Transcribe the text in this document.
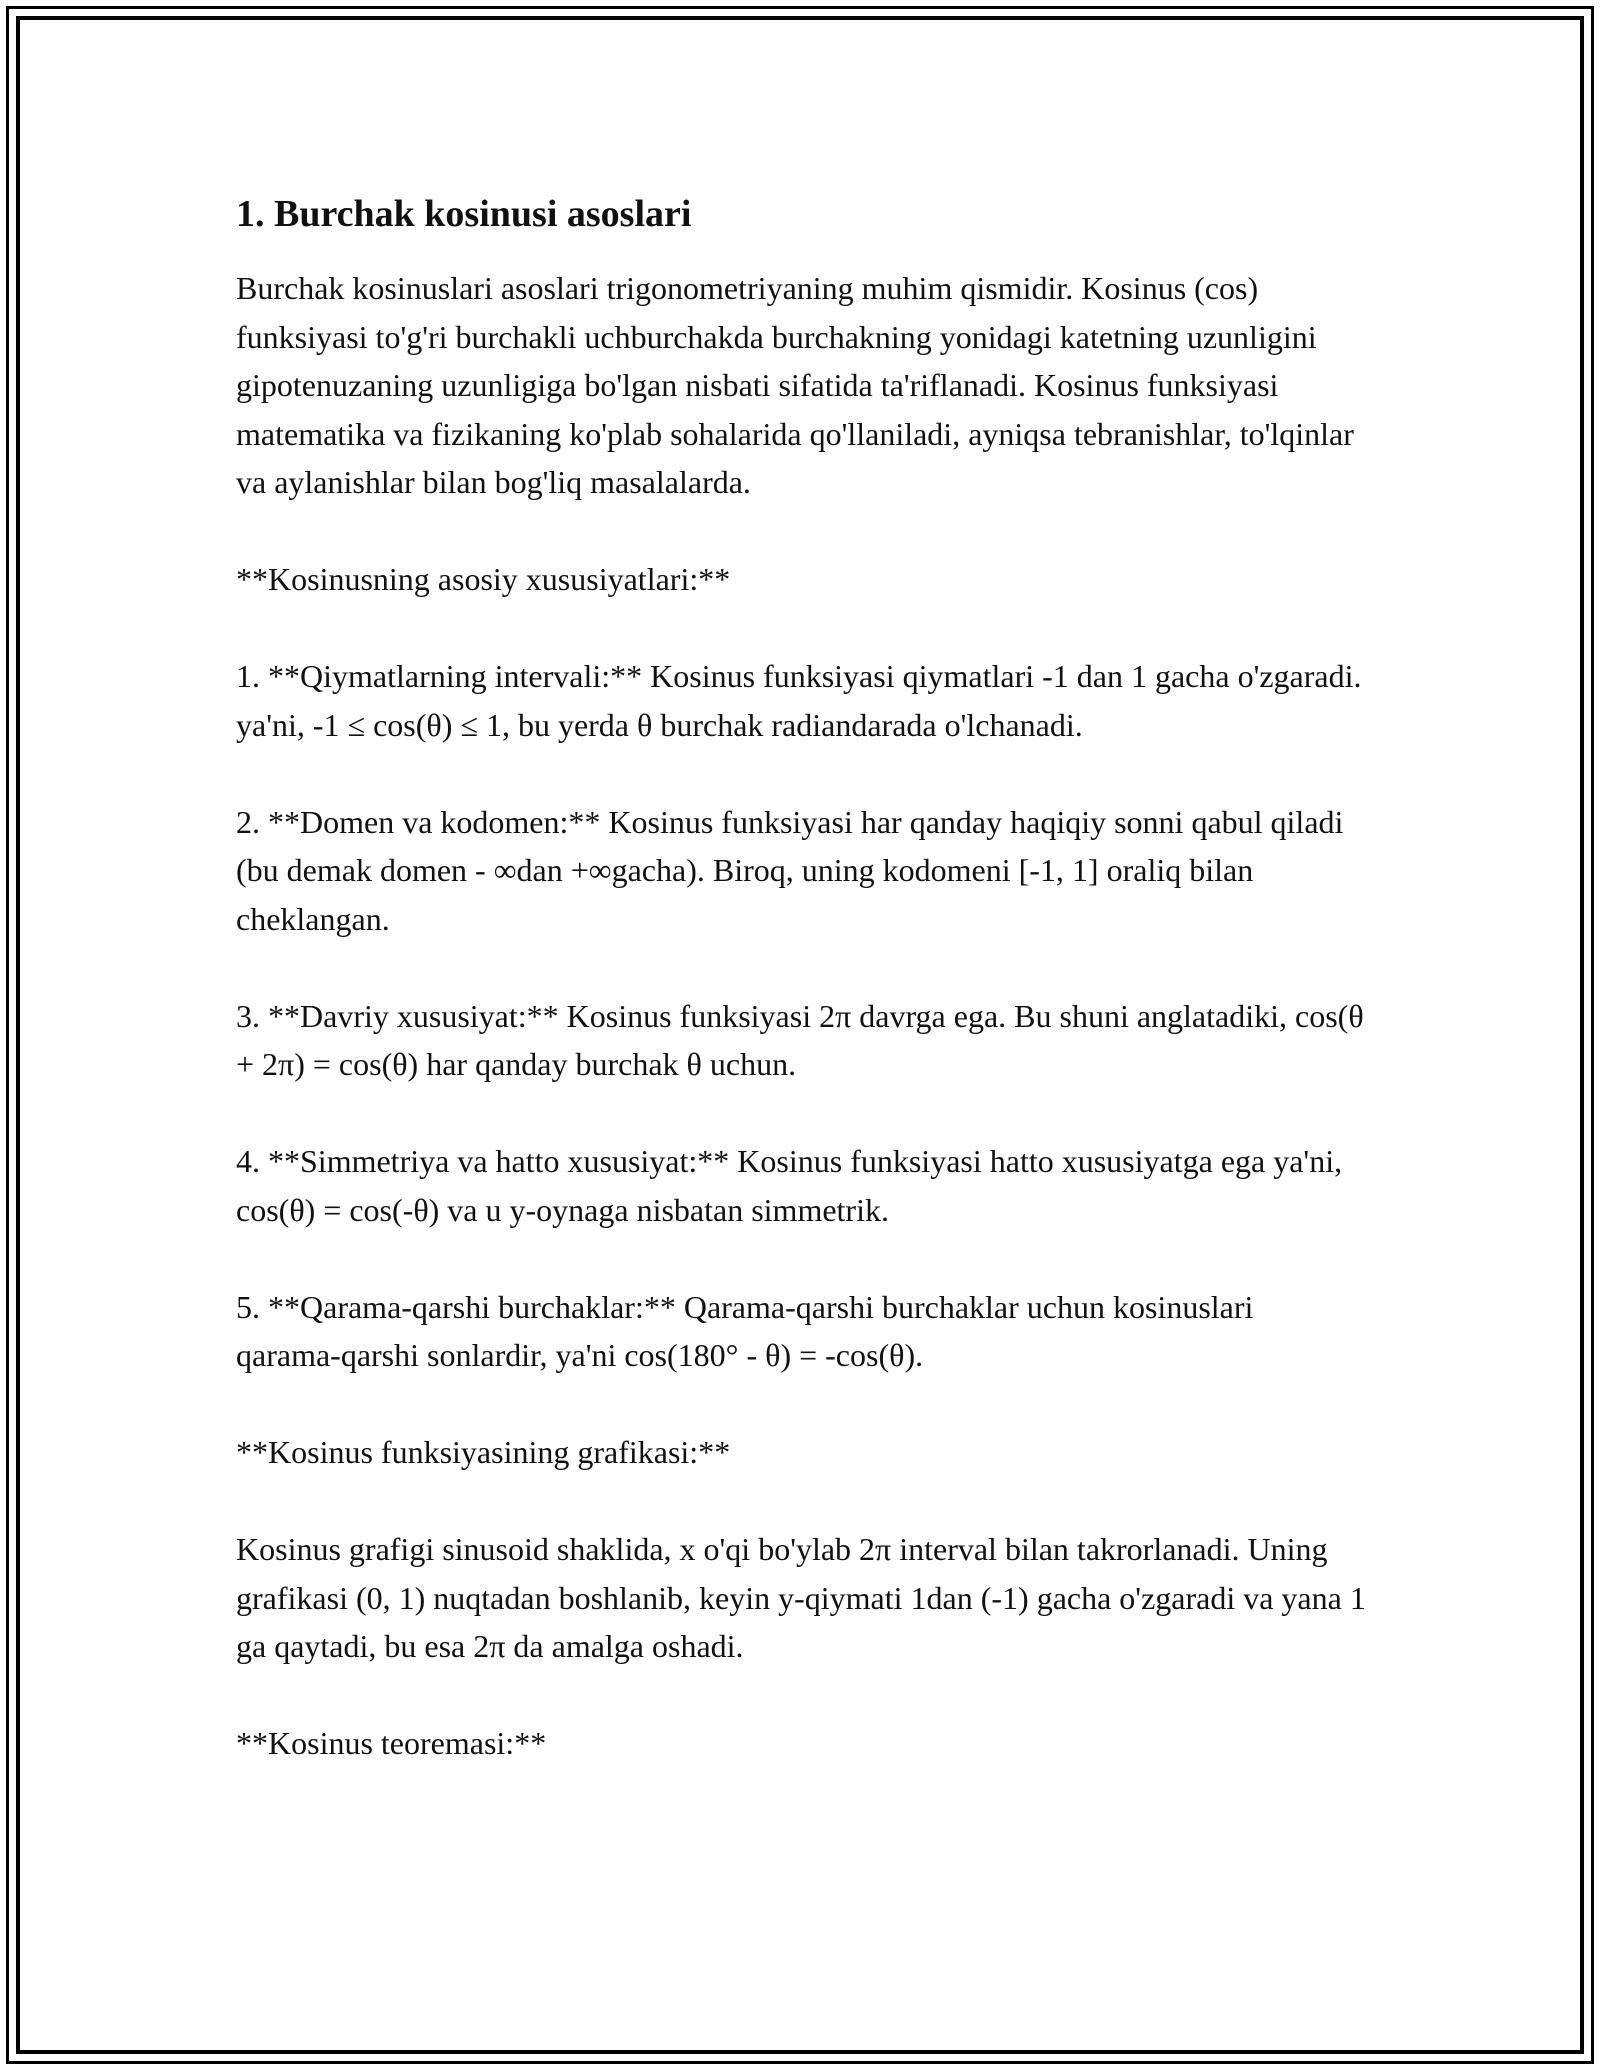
1. Burchak kosinusi asoslari

Burchak kosinuslari asoslari trigonometriyaning muhim qismidir. Kosinus (cos) funksiyasi to'g'ri burchakli uchburchakda burchakning yonidagi katetning uzunligini gipotenuzaning uzunligiga bo'lgan nisbati sifatida ta'riflanadi. Kosinus funksiyasi matematika va fizikaning ko'plab sohalarida qo'llaniladi, ayniqsa tebranishlar, to'lqinlar va aylanishlar bilan bog'liq masalalarda.

**Kosinusning asosiy xususiyatlari:**

1. **Qiymatlarning intervali:** Kosinus funksiyasi qiymatlari -1 dan 1 gacha o'zgaradi. ya'ni, -1 ≤ cos(θ) ≤ 1, bu yerda θ burchak radiandarada o'lchanadi.

2. **Domen va kodomen:** Kosinus funksiyasi har qanday haqiqiy sonni qabul qiladi (bu demak domen - ∞dan +∞gacha). Biroq, uning kodomeni [-1, 1] oraliq bilan cheklangan.

3. **Davriy xususiyat:** Kosinus funksiyasi 2π davrga ega. Bu shuni anglatadiki, cos(θ + 2π) = cos(θ) har qanday burchak θ uchun.

4. **Simmetriya va hatto xususiyat:** Kosinus funksiyasi hatto xususiyatga ega ya'ni, cos(θ) = cos(-θ) va u y-oynaga nisbatan simmetrik.

5. **Qarama-qarshi burchaklar:** Qarama-qarshi burchaklar uchun kosinuslari qarama-qarshi sonlardir, ya'ni cos(180° - θ) = -cos(θ).

**Kosinus funksiyasining grafikasi:**

Kosinus grafigi sinusoid shaklida, x o'qi bo'ylab 2π interval bilan takrorlanadi. Uning grafikasi (0, 1) nuqtadan boshlanib, keyin y-qiymati 1dan (-1) gacha o'zgaradi va yana 1 ga qaytadi, bu esa 2π da amalga oshadi.

**Kosinus teoremasi:**
